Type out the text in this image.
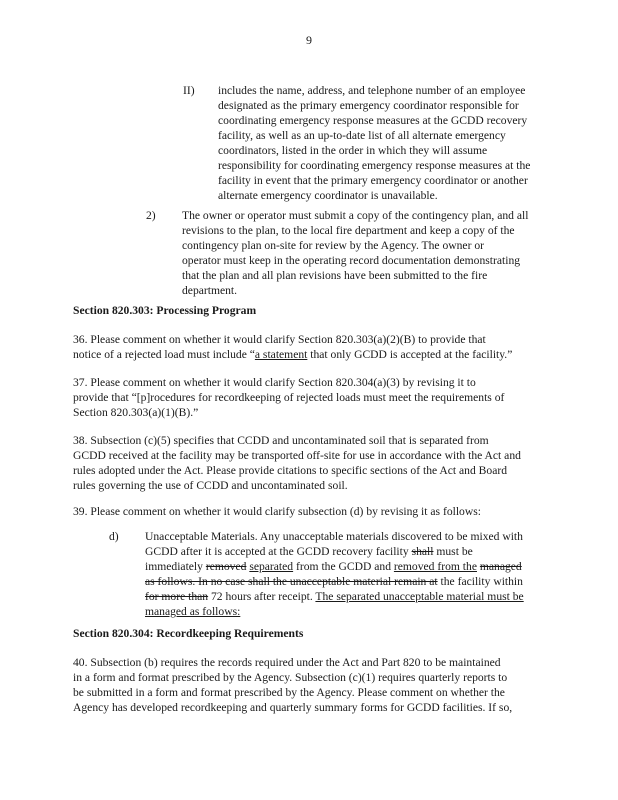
9
II) includes the name, address, and telephone number of an employee
designated as the primary emergency coordinator responsible for
coordinating emergency response measures at the GCDD recovery
facility, as well as an up-to-date list of all alternate emergency
coordinators, listed in the order in which they will assume
responsibility for coordinating emergency response measures at the
facility in event that the primary emergency coordinator or another
alternate emergency coordinator is unavailable.
2) The owner or operator must submit a copy of the contingency plan, and all
revisions to the plan, to the local fire department and keep a copy of the
contingency plan on-site for review by the Agency. The owner or
operator must keep in the operating record documentation demonstrating
that the plan and all plan revisions have been submitted to the fire
department.
Section 820.303: Processing Program
36. Please comment on whether it would clarify Section 820.303(a)(2)(B) to provide that
notice of a rejected load must include “a statement that only GCDD is accepted at the facility.”
37. Please comment on whether it would clarify Section 820.304(a)(3) by revising it to
provide that “[p]rocedures for recordkeeping of rejected loads must meet the requirements of
Section 820.303(a)(1)(B).”
38. Subsection (c)(5) specifies that CCDD and uncontaminated soil that is separated from
GCDD received at the facility may be transported off-site for use in accordance with the Act and
rules adopted under the Act. Please provide citations to specific sections of the Act and Board
rules governing the use of CCDD and uncontaminated soil.
39. Please comment on whether it would clarify subsection (d) by revising it as follows:
d) Unacceptable Materials. Any unacceptable materials discovered to be mixed with
GCDD after it is accepted at the GCDD recovery facility shall must be
immediately removed separated from the GCDD and removed from the managed
as follows. In no case shall the unacceptable material remain at the facility within
for more than 72 hours after receipt. The separated unacceptable material must be
managed as follows:
Section 820.304: Recordkeeping Requirements
40. Subsection (b) requires the records required under the Act and Part 820 to be maintained
in a form and format prescribed by the Agency. Subsection (c)(1) requires quarterly reports to
be submitted in a form and format prescribed by the Agency. Please comment on whether the
Agency has developed recordkeeping and quarterly summary forms for GCDD facilities. If so,
